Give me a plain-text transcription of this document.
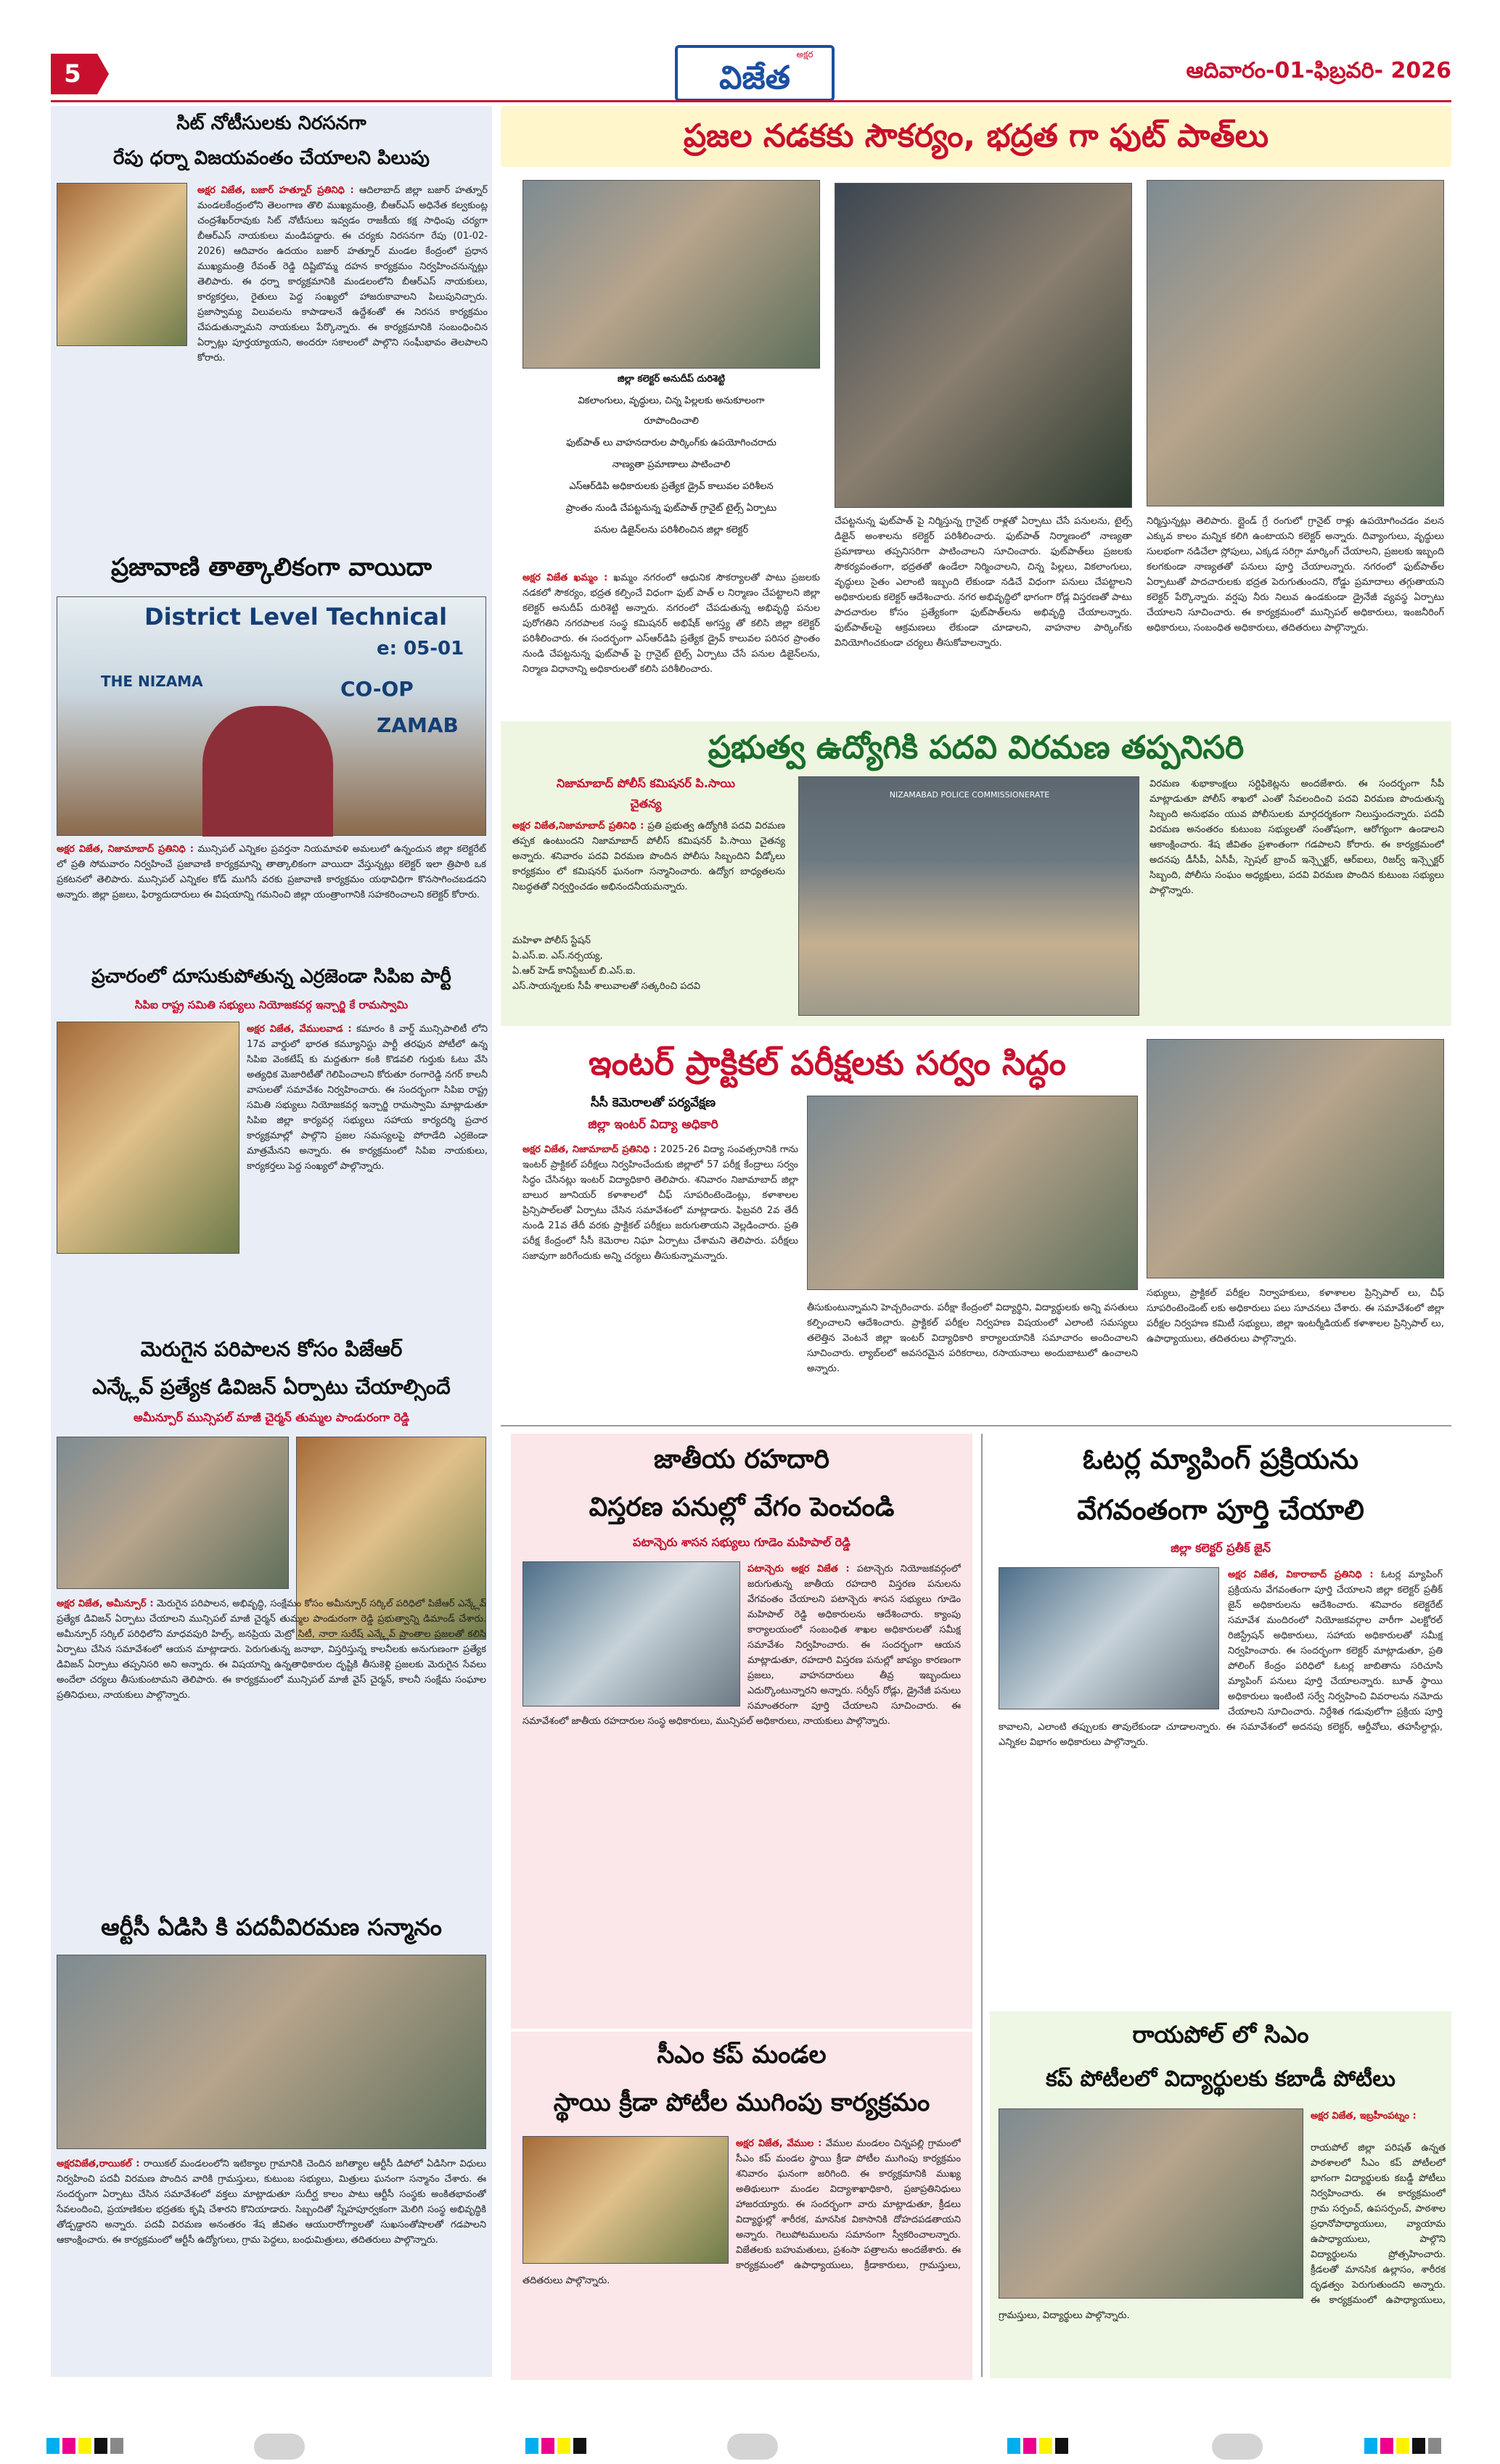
5
అక్షర
విజేత	ఆదివారం-01-ఫిబ్రవరి- 2026
సిట్ నోటీసులకు నిరసనగా
రేపు ధర్నా విజయవంతం చేయాలని పిలుపు
అక్షర విజేత, బజార్ హత్నూర్ ప్రతినిధి : ఆదిలాబాద్ జిల్లా బజార్ హత్నూర్ మండలకేంద్రంలోని తెలంగాణ తొలి ముఖ్యమంత్రి, బీఆర్ఎస్ అధినేత కల్వకుంట్ల చంద్రశేఖర్‌రావుకు సిట్ నోటీసులు ఇవ్వడం రాజకీయ కక్ష సాధింపు చర్యగా బీఆర్ఎస్ నాయకులు మండిపడ్డారు. ఈ చర్యకు నిరసనగా రేపు (01-02-2026) ఆదివారం ఉదయం బజార్ హత్నూర్ మండల కేంద్రంలో ప్రధాన ముఖ్యమంత్రి రేవంత్ రెడ్డి దిష్టిబొమ్మ దహన కార్యక్రమం నిర్వహించనున్నట్లు తెలిపారు. ఈ ధర్నా కార్యక్రమానికి మండలంలోని బీఆర్ఎస్ నాయకులు, కార్యకర్తలు, రైతులు పెద్ద సంఖ్యలో హాజరుకావాలని పిలుపునిచ్చారు. ప్రజాస్వామ్య విలువలను కాపాడాలనే ఉద్దేశంతో ఈ నిరసన కార్యక్రమం చేపడుతున్నామని నాయకులు పేర్కొన్నారు. ఈ కార్యక్రమానికి సంబంధించిన ఏర్పాట్లు పూర్తయ్యాయని, అందరూ సకాలంలో పాల్గొని సంఘీభావం తెలపాలని కోరారు.
ప్రజావాణి తాత్కాలికంగా వాయిదా
District Level Technical
e: 05-01
THE NIZAMA	CO-OP
ZAMAB
అక్షర విజేత, నిజామాబాద్ ప్రతినిధి : మున్సిపల్ ఎన్నికల ప్రవర్తనా నియమావళి అమలులో ఉన్నందున జిల్లా కలెక్టరేట్ లో ప్రతి సోమవారం నిర్వహించే ప్రజావాణి కార్యక్రమాన్ని తాత్కాలికంగా వాయిదా వేస్తున్నట్లు కలెక్టర్ ఇలా త్రిపాఠి ఒక ప్రకటనలో తెలిపారు. మున్సిపల్ ఎన్నికల కోడ్ ముగిసే వరకు ప్రజావాణి కార్యక్రమం యథావిధిగా కొనసాగించబడదని అన్నారు. జిల్లా ప్రజలు, ఫిర్యాదుదారులు ఈ విషయాన్ని గమనించి జిల్లా యంత్రాంగానికి సహకరించాలని కలెక్టర్ కోరారు.
ప్రచారంలో దూసుకుపోతున్న ఎర్రజెండా సిపిఐ పార్టీ
సిపిఐ రాష్ట్ర సమితి సభ్యులు నియోజకవర్గ ఇన్చార్జి కే రామస్వామి
అక్షర విజేత, వేములవాడ : కమారం కి వార్డ్ మున్సిపాలిటీ లోని 17వ వార్డులో భారత కమ్యూనిస్టు పార్టీ తరఫున పోటీలో ఉన్న సిపిఐ వెంకటేష్ కు మద్దతుగా కంకి కొడవలి గుర్తుకు ఓటు వేసి అత్యధిక మెజారిటీతో గెలిపించాలని కోరుతూ రంగారెడ్డి నగర్ కాలనీ వాసులతో సమావేశం నిర్వహించారు. ఈ సందర్భంగా సిపిఐ రాష్ట్ర సమితి సభ్యులు నియోజకవర్గ ఇన్చార్జి రామస్వామి మాట్లాడుతూ సిపిఐ జిల్లా కార్యవర్గ సభ్యులు సహాయ కార్యదర్శి ప్రచార కార్యక్రమాల్లో పాల్గొని ప్రజల సమస్యలపై పోరాడేది ఎర్రజెండా మాత్రమేనని అన్నారు. ఈ కార్యక్రమంలో సిపిఐ నాయకులు, కార్యకర్తలు పెద్ద సంఖ్యలో పాల్గొన్నారు.
మెరుగైన పరిపాలన కోసం పిజేఆర్
ఎన్క్లేవ్ ప్రత్యేక డివిజన్ ఏర్పాటు చేయాల్సిందే
అమీన్పూర్ మున్సిపల్ మాజీ చైర్మన్ తుమ్మల పాండురంగా రెడ్డి
అక్షర విజేత, అమీన్పూర్ : మెరుగైన పరిపాలన, అభివృద్ధి, సంక్షేమం కోసం అమీన్పూర్ సర్కిల్ పరిధిలో పిజేఆర్ ఎన్క్లేవ్ ప్రత్యేక డివిజన్ ఏర్పాటు చేయాలని మున్సిపల్ మాజీ చైర్మన్ తుమ్మల పాండురంగా రెడ్డి ప్రభుత్వాన్ని డిమాండ్ చేశారు. అమీన్పూర్ సర్కిల్ పరిధిలోని మాధవపురి హిల్స్, జనప్రియ మెట్రో సిటీ, నారా సురేష్ ఎన్క్లేవ్ ప్రాంతాల ప్రజలతో కలిసి ఏర్పాటు చేసిన సమావేశంలో ఆయన మాట్లాడారు. పెరుగుతున్న జనాభా, విస్తరిస్తున్న కాలనీలకు అనుగుణంగా ప్రత్యేక డివిజన్ ఏర్పాటు తప్పనిసరి అని అన్నారు. ఈ విషయాన్ని ఉన్నతాధికారుల దృష్టికి తీసుకెళ్లి ప్రజలకు మెరుగైన సేవలు అందేలా చర్యలు తీసుకుంటామని తెలిపారు. ఈ కార్యక్రమంలో మున్సిపల్ మాజీ వైస్ చైర్మన్, కాలనీ సంక్షేమ సంఘాల ప్రతినిధులు, నాయకులు పాల్గొన్నారు.
ఆర్టీసీ ఏడిసి కి పదవీవిరమణ సన్మానం
అక్షరవిజేత,రాయికల్ : రాయికల్ మండలంలోని ఇటిక్యాల గ్రామానికి చెందిన జగిత్యాల ఆర్టీసీ డిపోలో ఏడిసిగా విధులు నిర్వహించి పదవీ విరమణ పొందిన వారికి గ్రామస్తులు, కుటుంబ సభ్యులు, మిత్రులు ఘనంగా సన్మానం చేశారు. ఈ సందర్భంగా ఏర్పాటు చేసిన సమావేశంలో వక్తలు మాట్లాడుతూ సుదీర్ఘ కాలం పాటు ఆర్టీసీ సంస్థకు అంకితభావంతో సేవలందించి, ప్రయాణికుల భద్రతకు కృషి చేశారని కొనియాడారు. సిబ్బందితో స్నేహపూర్వకంగా మెలిగి సంస్థ అభివృద్ధికి తోడ్పడ్డారని అన్నారు. పదవీ విరమణ అనంతరం శేష జీవితం ఆయురారోగ్యాలతో సుఖసంతోషాలతో గడపాలని ఆకాంక్షించారు. ఈ కార్యక్రమంలో ఆర్టీసీ ఉద్యోగులు, గ్రామ పెద్దలు, బంధుమిత్రులు, తదితరులు పాల్గొన్నారు.
ప్రజల నడకకు సౌకర్యం, భద్రత గా ఫుట్ పాత్‌లు
జిల్లా కలెక్టర్ అనుదీప్ దురిశెట్టి
వికలాంగులు, వృద్ధులు, చిన్న పిల్లలకు అనుకూలంగా
రూపొందించాలి
ఫుట్‌పాత్ లు వాహనదారుల పార్కింగ్‌కు ఉపయోగించరాదు
నాణ్యతా ప్రమాణాలు పాటించాలి
ఎస్‌ఆర్‌డిపి అధికారులకు ప్రత్యేక డ్రైవ్ కాలువల పరిశీలన
ప్రాంతం నుండి చేపట్టనున్న ఫుట్‌పాత్ గ్రానైట్ టైల్స్ ఏర్పాటు
పనుల డిజైన్‌లను పరిశీలించిన జిల్లా కలెక్టర్
అక్షర విజేత ఖమ్మం : ఖమ్మం నగరంలో ఆధునిక సౌకర్యాలతో పాటు ప్రజలకు నడకలో సౌకర్యం, భద్రత కల్పించే విధంగా ఫుట్ పాత్ ల నిర్మాణం చేపట్టాలని జిల్లా కలెక్టర్ అనుదీప్ దురిశెట్టి అన్నారు. నగరంలో చేపడుతున్న అభివృద్ధి పనుల పురోగతిని నగరపాలక సంస్థ కమిషనర్ అభిషేక్ అగస్త్య తో కలిసి జిల్లా కలెక్టర్ పరిశీలించారు. ఈ సందర్భంగా ఎస్‌ఆర్‌డిపి ప్రత్యేక డ్రైవ్ కాలువల పరిసర ప్రాంతం నుండి చేపట్టనున్న ఫుట్‌పాత్ పై గ్రానైట్ టైల్స్ ఏర్పాటు చేసే పనుల డిజైన్‌లను, నిర్మాణ విధానాన్ని అధికారులతో కలిసి పరిశీలించారు.
చేపట్టనున్న ఫుట్‌పాత్ పై నిర్మిస్తున్న గ్రానైట్ రాళ్లతో ఏర్పాటు చేసే పనులను, టైల్స్ డిజైన్ అంశాలను కలెక్టర్ పరిశీలించారు. ఫుట్‌పాత్ నిర్మాణంలో నాణ్యతా ప్రమాణాలు తప్పనిసరిగా పాటించాలని సూచించారు. ఫుట్‌పాత్‌లు ప్రజలకు సౌకర్యవంతంగా, భద్రతతో ఉండేలా నిర్మించాలని, చిన్న పిల్లలు, వికలాంగులు, వృద్ధులు సైతం ఎలాంటి ఇబ్బంది లేకుండా నడిచే విధంగా పనులు చేపట్టాలని అధికారులకు కలెక్టర్ ఆదేశించారు. నగర అభివృద్ధిలో భాగంగా రోడ్ల విస్తరణతో పాటు పాదచారుల కోసం ప్రత్యేకంగా ఫుట్‌పాత్‌లను అభివృద్ధి చేయాలన్నారు. ఫుట్‌పాత్‌లపై ఆక్రమణలు లేకుండా చూడాలని, వాహనాల పార్కింగ్‌కు వినియోగించకుండా చర్యలు తీసుకోవాలన్నారు.
నిర్మిస్తున్నట్లు తెలిపారు. బ్లైండ్ గ్రే రంగులో గ్రానైట్ రాళ్లు ఉపయోగించడం వలన ఎక్కువ కాలం మన్నిక కలిగి ఉంటాయని కలెక్టర్ అన్నారు. దివ్యాంగులు, వృద్ధులు సులభంగా నడిచేలా స్లోపులు, ఎక్కడ సరిగ్గా మార్కింగ్ చేయాలని, ప్రజలకు ఇబ్బంది కలగకుండా నాణ్యతతో పనులు పూర్తి చేయాలన్నారు. నగరంలో ఫుట్‌పాత్‌ల ఏర్పాటుతో పాదచారులకు భద్రత పెరుగుతుందని, రోడ్డు ప్రమాదాలు తగ్గుతాయని కలెక్టర్ పేర్కొన్నారు. వర్షపు నీరు నిలువ ఉండకుండా డ్రైనేజీ వ్యవస్థ ఏర్పాటు చేయాలని సూచించారు. ఈ కార్యక్రమంలో మున్సిపల్ అధికారులు, ఇంజనీరింగ్ అధికారులు, సంబంధిత అధికారులు, తదితరులు పాల్గొన్నారు.
ప్రభుత్వ ఉద్యోగికి పదవి విరమణ తప్పనిసరి
నిజామాబాద్ పోలీస్ కమిషనర్ పి.సాయి
చైతన్య
అక్షర విజేత,నిజామాబాద్ ప్రతినిధి : ప్రతి ప్రభుత్వ ఉద్యోగికి పదవి విరమణ తప్పక ఉంటుందని నిజామాబాద్ పోలీస్ కమిషనర్ పి.సాయి చైతన్య అన్నారు. శనివారం పదవి విరమణ పొందిన పోలీసు సిబ్బందిని వీడ్కోలు కార్యక్రమం లో కమిషనర్ ఘనంగా సన్మానించారు. ఉద్యోగ బాధ్యతలను నిబద్ధతతో నిర్వర్తించడం అభినందనీయమన్నారు.
మహిళా పోలీస్ స్టేషన్
ఏ.ఎస్.ఐ. ఎస్.నర్సయ్య,
ఏ.ఆర్ హెడ్ కానిస్టేబుల్ బి.ఎస్.ఐ.
ఎస్.సాయన్నలకు సీపీ శాలువాలతో సత్కరించి పదవి
NIZAMABAD POLICE COMMISSIONERATE
విరమణ శుభాకాంక్షలు సర్టిఫికెట్లను అందజేశారు. ఈ సందర్భంగా సీపీ మాట్లాడుతూ పోలీస్ శాఖలో ఎంతో సేవలందించి పదవి విరమణ పొందుతున్న సిబ్బంది అనుభవం యువ పోలీసులకు మార్గదర్శకంగా నిలుస్తుందన్నారు. పదవీ విరమణ అనంతరం కుటుంబ సభ్యులతో సంతోషంగా, ఆరోగ్యంగా ఉండాలని ఆకాంక్షించారు. శేష జీవితం ప్రశాంతంగా గడపాలని కోరారు. ఈ కార్యక్రమంలో అదనపు డీసీపీ, ఏసీపీ, స్పెషల్ బ్రాంచ్ ఇన్స్పెక్టర్, ఆర్ఐలు, రిజర్వ్ ఇన్స్పెక్టర్ సిబ్బంది, పోలీసు సంఘం అధ్యక్షులు, పదవి విరమణ పొందిన కుటుంబ సభ్యులు పాల్గొన్నారు.
ఇంటర్ ప్రాక్టికల్ పరీక్షలకు సర్వం సిద్ధం
సీసీ కెమెరాలతో పర్యవేక్షణ
జిల్లా ఇంటర్ విద్యా అధికారి
అక్షర విజేత, నిజామాబాద్ ప్రతినిధి : 2025-26 విద్యా సంవత్సరానికి గాను ఇంటర్ ప్రాక్టికల్ పరీక్షలు నిర్వహించేందుకు జిల్లాలో 57 పరీక్ష కేంద్రాలు సర్వం సిద్ధం చేసినట్లు ఇంటర్ విద్యాధికారి తెలిపారు. శనివారం నిజామాబాద్ జిల్లా బాలుర జూనియర్ కళాశాలలో చీఫ్ సూపరింటెండెంట్లు, కళాశాలల ప్రిన్సిపాల్‌లతో ఏర్పాటు చేసిన సమావేశంలో మాట్లాడారు. ఫిబ్రవరి 2వ తేదీ నుండి 21వ తేదీ వరకు ప్రాక్టికల్ పరీక్షలు జరుగుతాయని వెల్లడించారు. ప్రతి పరీక్ష కేంద్రంలో సీసీ కెమెరాల నిఘా ఏర్పాటు చేశామని తెలిపారు. పరీక్షలు సజావుగా జరిగేందుకు అన్ని చర్యలు తీసుకున్నామన్నారు.
తీసుకుంటున్నామని హెచ్చరించారు. పరీక్షా కేంద్రంలో విద్యార్థిని, విద్యార్థులకు అన్ని వసతులు కల్పించాలని ఆదేశించారు. ప్రాక్టికల్ పరీక్షల నిర్వహణ విషయంలో ఎలాంటి సమస్యలు తలెత్తిన వెంటనే జిల్లా ఇంటర్ విద్యాధికారి కార్యాలయానికి సమాచారం అందించాలని సూచించారు. ల్యాబ్‌లలో అవసరమైన పరికరాలు, రసాయనాలు అందుబాటులో ఉంచాలని అన్నారు.
సభ్యులు, ప్రాక్టికల్ పరీక్షల నిర్వాహకులు, కళాశాలల ప్రిన్సిపాల్ లు, చీఫ్ సూపరింటెండెంట్ లకు అధికారులు పలు సూచనలు చేశారు. ఈ సమావేశంలో జిల్లా పరీక్షల నిర్వహణ కమిటీ సభ్యులు, జిల్లా ఇంటర్మీడియట్ కళాశాలల ప్రిన్సిపాల్ లు, ఉపాధ్యాయులు, తదితరులు పాల్గొన్నారు.
జాతీయ రహదారి
విస్తరణ పనుల్లో వేగం పెంచండి
పటాన్చెరు శాసన సభ్యులు గూడెం మహిపాల్ రెడ్డి
పటాన్చెరు అక్షర విజేత : పటాన్చెరు నియోజకవర్గంలో జరుగుతున్న జాతీయ రహదారి విస్తరణ పనులను వేగవంతం చేయాలని పటాన్చెరు శాసన సభ్యులు గూడెం మహిపాల్ రెడ్డి అధికారులను ఆదేశించారు. క్యాంపు కార్యాలయంలో సంబంధిత శాఖల అధికారులతో సమీక్ష సమావేశం నిర్వహించారు. ఈ సందర్భంగా ఆయన మాట్లాడుతూ, రహదారి విస్తరణ పనుల్లో జాప్యం కారణంగా ప్రజలు, వాహనదారులు తీవ్ర ఇబ్బందులు ఎదుర్కొంటున్నారని అన్నారు. సర్వీస్ రోడ్లు, డ్రైనేజీ పనులు సమాంతరంగా పూర్తి చేయాలని సూచించారు. ఈ సమావేశంలో జాతీయ రహదారుల సంస్థ అధికారులు, మున్సిపల్ అధికారులు, నాయకులు పాల్గొన్నారు.
సీఎం కప్ మండల
స్థాయి క్రీడా పోటీల ముగింపు కార్యక్రమం
అక్షర విజేత, వేముల : వేముల మండలం చిన్నపల్లి గ్రామంలో సీఎం కప్ మండల స్థాయి క్రీడా పోటీల ముగింపు కార్యక్రమం శనివారం ఘనంగా జరిగింది. ఈ కార్యక్రమానికి ముఖ్య అతిథులుగా మండల విద్యాశాఖాధికారి, ప్రజాప్రతినిధులు హాజరయ్యారు. ఈ సందర్భంగా వారు మాట్లాడుతూ, క్రీడలు విద్యార్థుల్లో శారీరక, మానసిక వికాసానికి దోహదపడతాయని అన్నారు. గెలుపోటములను సమానంగా స్వీకరించాలన్నారు. విజేతలకు బహుమతులు, ప్రశంసా పత్రాలను అందజేశారు. ఈ కార్యక్రమంలో ఉపాధ్యాయులు, క్రీడాకారులు, గ్రామస్తులు, తదితరులు పాల్గొన్నారు.
ఓటర్ల మ్యాపింగ్ ప్రక్రియను
వేగవంతంగా పూర్తి చేయాలి
జిల్లా కలెక్టర్ ప్రతీక్ జైన్
అక్షర విజేత, వికారాబాద్ ప్రతినిధి : ఓటర్ల మ్యాపింగ్ ప్రక్రియను వేగవంతంగా పూర్తి చేయాలని జిల్లా కలెక్టర్ ప్రతీక్ జైన్ అధికారులను ఆదేశించారు. శనివారం కలెక్టరేట్ సమావేశ మందిరంలో నియోజకవర్గాల వారీగా ఎలక్టోరల్ రిజిస్ట్రేషన్ అధికారులు, సహాయ అధికారులతో సమీక్ష నిర్వహించారు. ఈ సందర్భంగా కలెక్టర్ మాట్లాడుతూ, ప్రతి పోలింగ్ కేంద్రం పరిధిలో ఓటర్ల జాబితాను సరిచూసి మ్యాపింగ్ పనులు పూర్తి చేయాలన్నారు. బూత్ స్థాయి అధికారులు ఇంటింటి సర్వే నిర్వహించి వివరాలను నమోదు చేయాలని సూచించారు. నిర్దేశిత గడువులోగా ప్రక్రియ పూర్తి కావాలని, ఎలాంటి తప్పులకు తావులేకుండా చూడాలన్నారు. ఈ సమావేశంలో అదనపు కలెక్టర్, ఆర్డీవోలు, తహసీల్దార్లు, ఎన్నికల విభాగం అధికారులు పాల్గొన్నారు.
రాయపోల్ లో సిఎం
కప్ పోటీలలో విద్యార్థులకు కబాడీ పోటీలు
అక్షర విజేత, ఇబ్రహీంపట్నం :
రాయపోల్ జిల్లా పరిషత్ ఉన్నత పాఠశాలలో సీఎం కప్ పోటీలలో భాగంగా విద్యార్థులకు కబడ్డీ పోటీలు నిర్వహించారు. ఈ కార్యక్రమంలో గ్రామ సర్పంచ్, ఉపసర్పంచ్, పాఠశాల ప్రధానోపాధ్యాయులు, వ్యాయామ ఉపాధ్యాయులు, పాల్గొని విద్యార్థులను ప్రోత్సహించారు. క్రీడలతో మానసిక ఉల్లాసం, శారీరక దృఢత్వం పెరుగుతుందని అన్నారు. ఈ కార్యక్రమంలో ఉపాధ్యాయులు, గ్రామస్తులు, విద్యార్థులు పాల్గొన్నారు.
